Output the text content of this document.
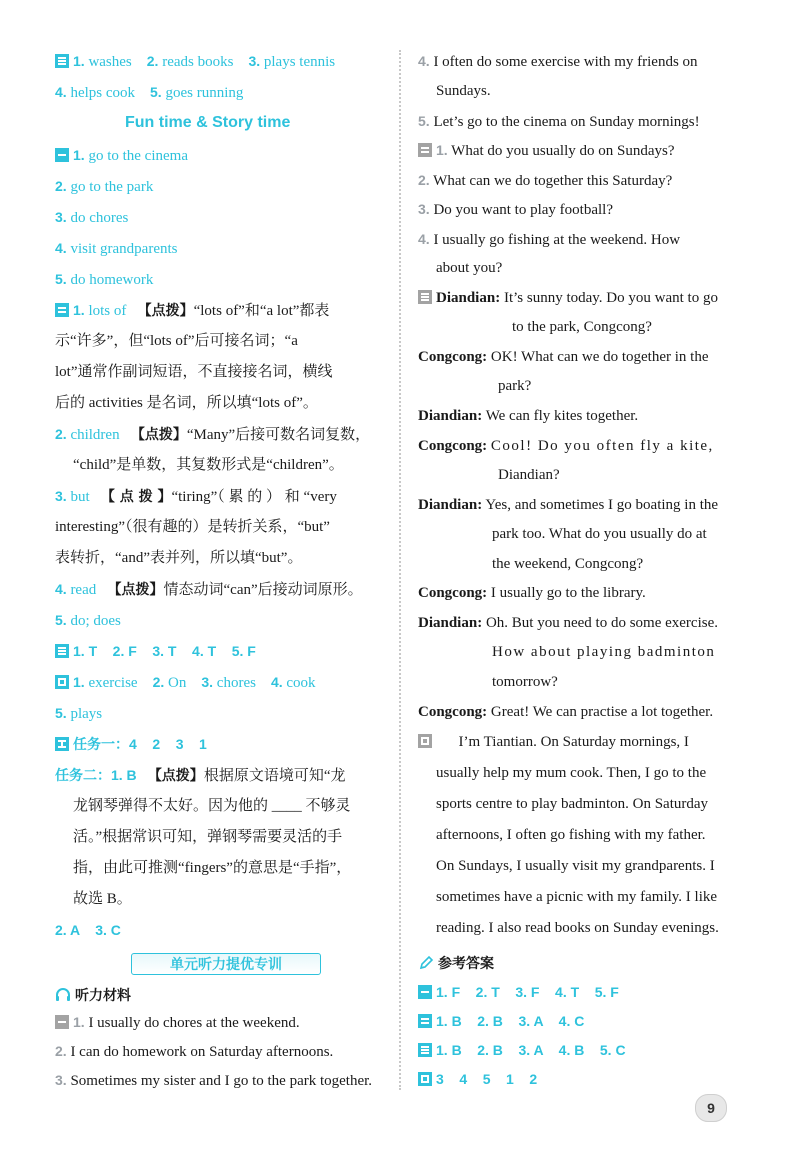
1. washes 2. reads books 3. plays tennis
4. helps cook 5. goes running
Fun time & Story time
1. go to the cinema
2. go to the park
3. do chores
4. visit grandparents
5. do homework
1. lots of 【点拨】“lots of”和“a lot”都表
示“许多”，但“lots of”后可接名词；“a
lot”通常作副词短语，不直接接名词，横线
后的 activities 是名词，所以填“lots of”。
2. children 【点拨】“Many”后接可数名词复数，
“child”是单数，其复数形式是“children”。
3. but 【 点 拨 】“tiring”（ 累 的 ） 和 “very
interesting”（很有趣的）是转折关系，“but”
表转折，“and”表并列，所以填“but”。
4. read 【点拨】情态动词“can”后接动词原形。
5. do; does
1. T    2. F    3. T    4. T    5. F
1. exercise 2. On 3. chores 4. cook
5. plays
任务一：4    2    3    1
任务二：1. B 【点拨】根据原文语境可知“龙
龙钢琴弹得不太好。因为他的 ____ 不够灵
活。”根据常识可知，弹钢琴需要灵活的手
指，由此可推测“fingers”的意思是“手指”，
故选 B。
2. A    3. C
单元听力提优专训
听力材料
1. I usually do chores at the weekend.
2. I can do homework on Saturday afternoons.
3. Sometimes my sister and I go to the park together.
4. I often do some exercise with my friends on
Sundays.
5. Let’s go to the cinema on Sunday mornings!
1. What do you usually do on Sundays?
2. What can we do together this Saturday?
3. Do you want to play football?
4. I usually go fishing at the weekend. How
about you?
Diandian: It’s sunny today. Do you want to go
to the park, Congcong?
Congcong: OK! What can we do together in the
park?
Diandian: We can fly kites together.
Congcong: Cool! Do you often fly a kite,
Diandian?
Diandian: Yes, and sometimes I go boating in the
park too. What do you usually do at
the weekend, Congcong?
Congcong: I usually go to the library.
Diandian: Oh. But you need to do some exercise.
How about playing badminton
tomorrow?
Congcong: Great! We can practise a lot together.
I’m Tiantian. On Saturday mornings, I
usually help my mum cook. Then, I go to the
sports centre to play badminton. On Saturday
afternoons, I often go fishing with my father.
On Sundays, I usually visit my grandparents. I
sometimes have a picnic with my family. I like
reading. I also read books on Sunday evenings.
参考答案
1. F    2. T    3. F    4. T    5. F
1. B    2. B    3. A    4. C
1. B    2. B    3. A    4. B    5. C
3    4    5    1    2
9
